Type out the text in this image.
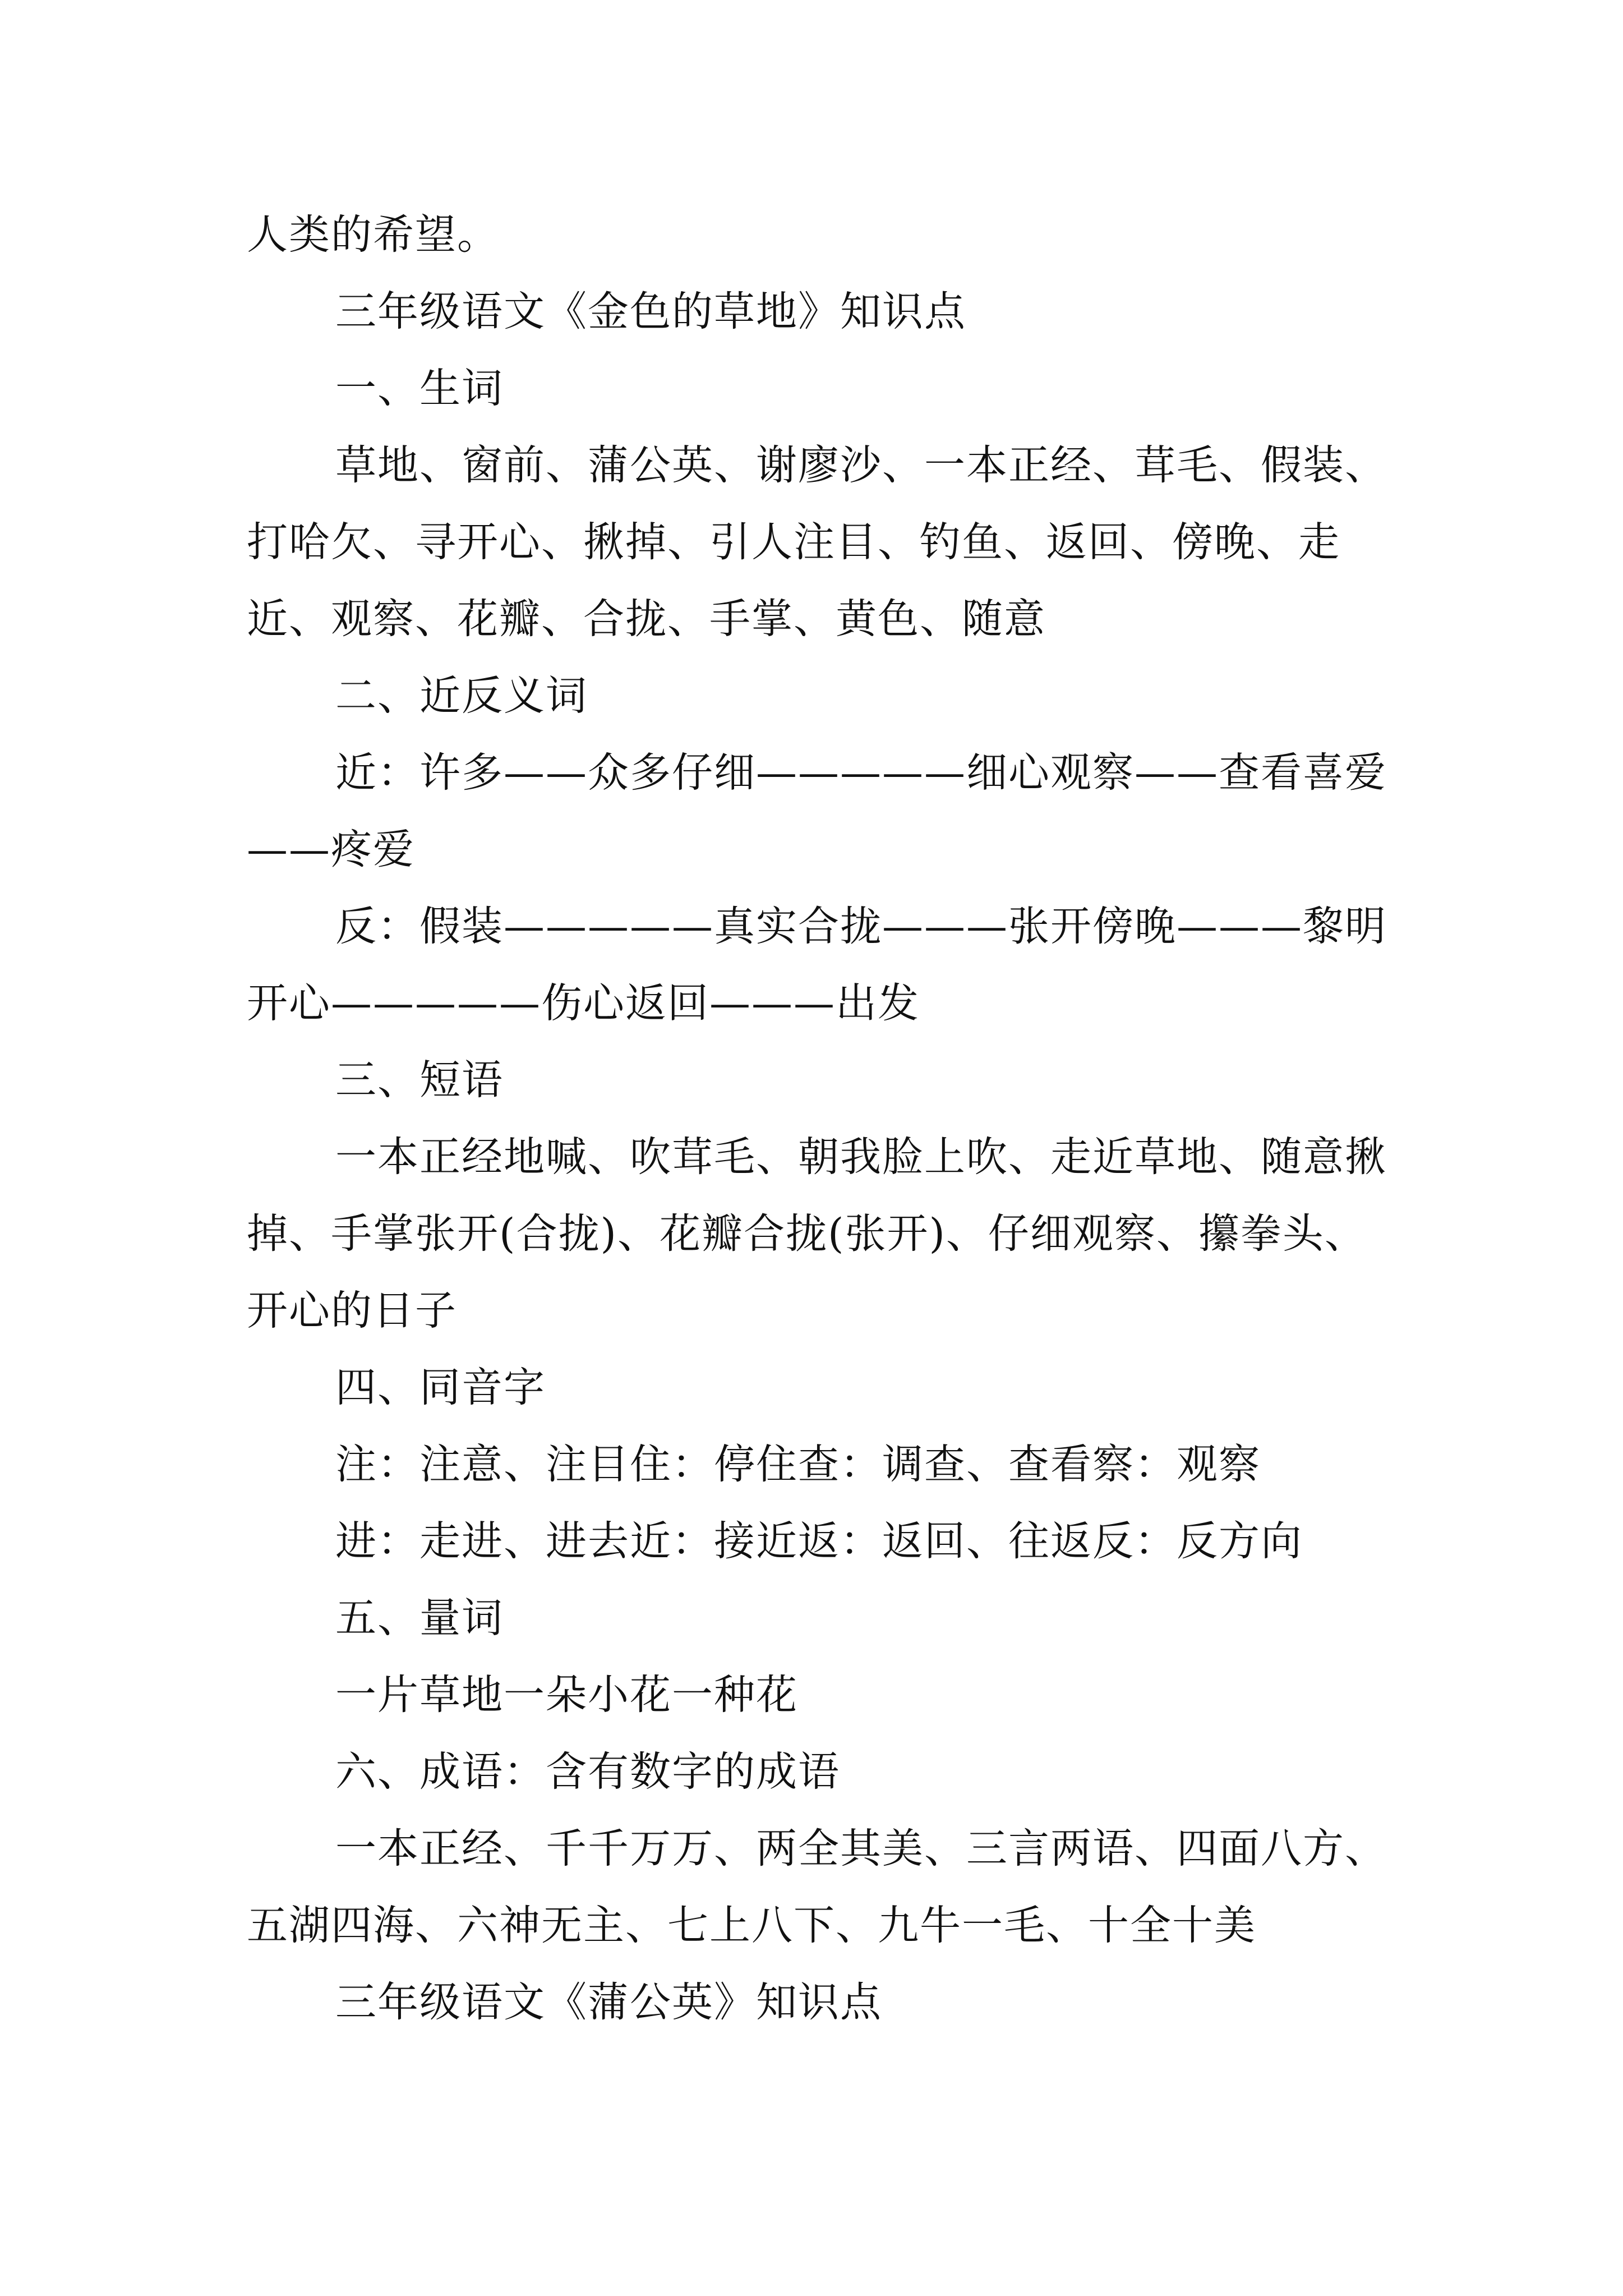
人类的希望。

三年级语文《金色的草地》知识点

一、生词

草地、窗前、蒲公英、谢廖沙、一本正经、茸毛、假装、打哈欠、寻开心、揪掉、引人注目、钓鱼、返回、傍晚、走近、观察、花瓣、合拢、手掌、黄色、随意

二、近反义词

近：许多——众多仔细—————细心观察——查看喜爱——疼爱

反：假装—————真实合拢———张开傍晚———黎明开心—————伤心返回———出发

三、短语

一本正经地喊、吹茸毛、朝我脸上吹、走近草地、随意揪掉、手掌张开(合拢)、花瓣合拢(张开)、仔细观察、攥拳头、开心的日子

四、同音字

注：注意、注目住：停住查：调查、查看察：观察

进：走进、进去近：接近返：返回、往返反：反方向

五、量词

一片草地一朵小花一种花

六、成语：含有数字的成语

一本正经、千千万万、两全其美、三言两语、四面八方、五湖四海、六神无主、七上八下、九牛一毛、十全十美

三年级语文《蒲公英》知识点
